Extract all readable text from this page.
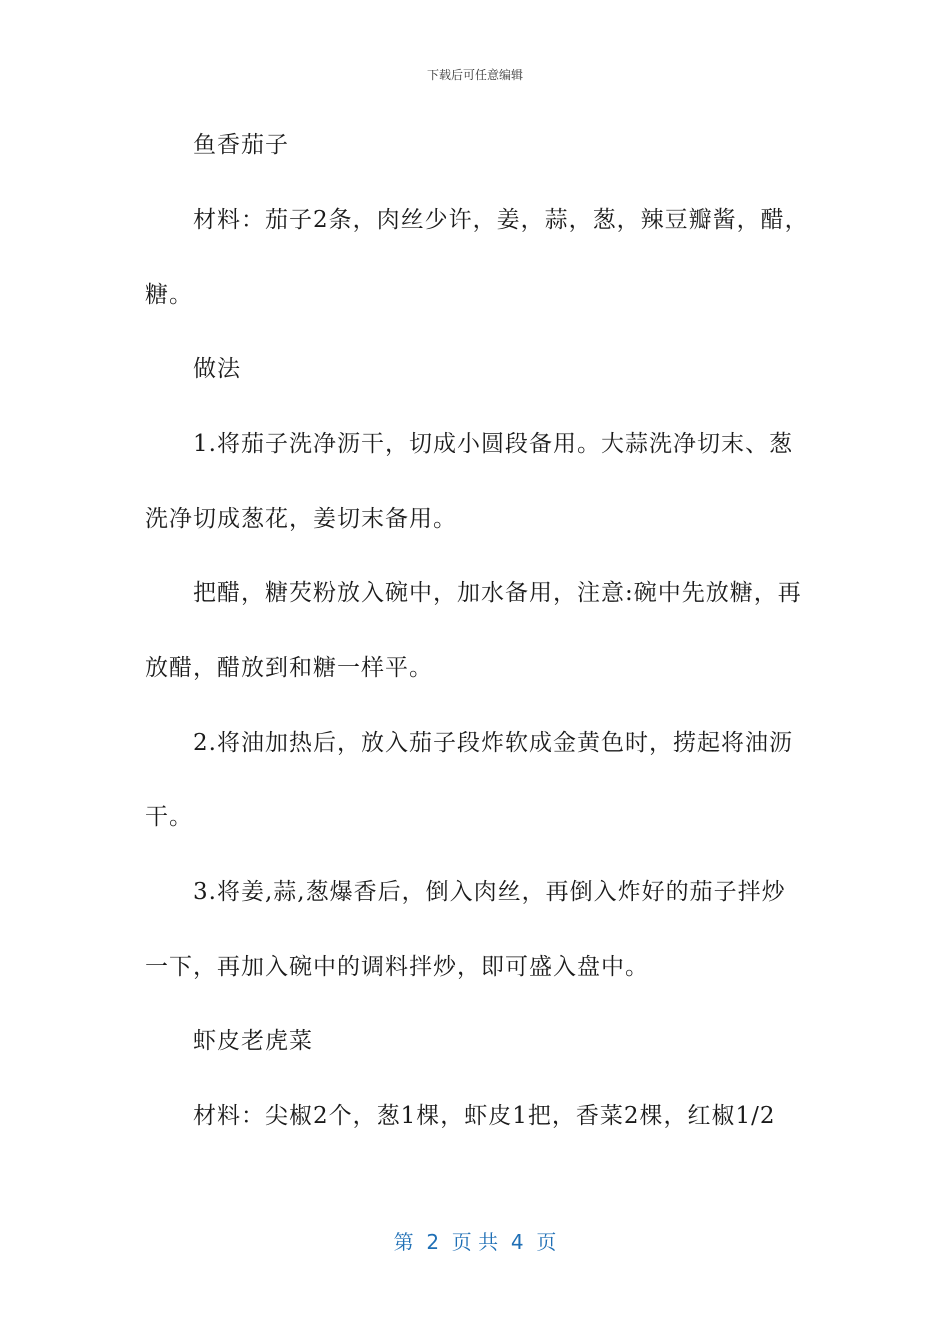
下载后可任意编辑
鱼香茄子
材料：茄子2条，肉丝少许，姜，蒜，葱，辣豆瓣酱，醋，
糖。
做法
1.将茄子洗净沥干，切成小圆段备用。大蒜洗净切末、葱
洗净切成葱花，姜切末备用。
把醋，糖芡粉放入碗中，加水备用，注意:碗中先放糖，再
放醋，醋放到和糖一样平。
2.将油加热后，放入茄子段炸软成金黄色时，捞起将油沥
干。
3.将姜,蒜,葱爆香后，倒入肉丝，再倒入炸好的茄子拌炒
一下，再加入碗中的调料拌炒，即可盛入盘中。
虾皮老虎菜
材料：尖椒2个，葱1棵，虾皮1把，香菜2棵，红椒1/2
第  2  页 共  4  页
